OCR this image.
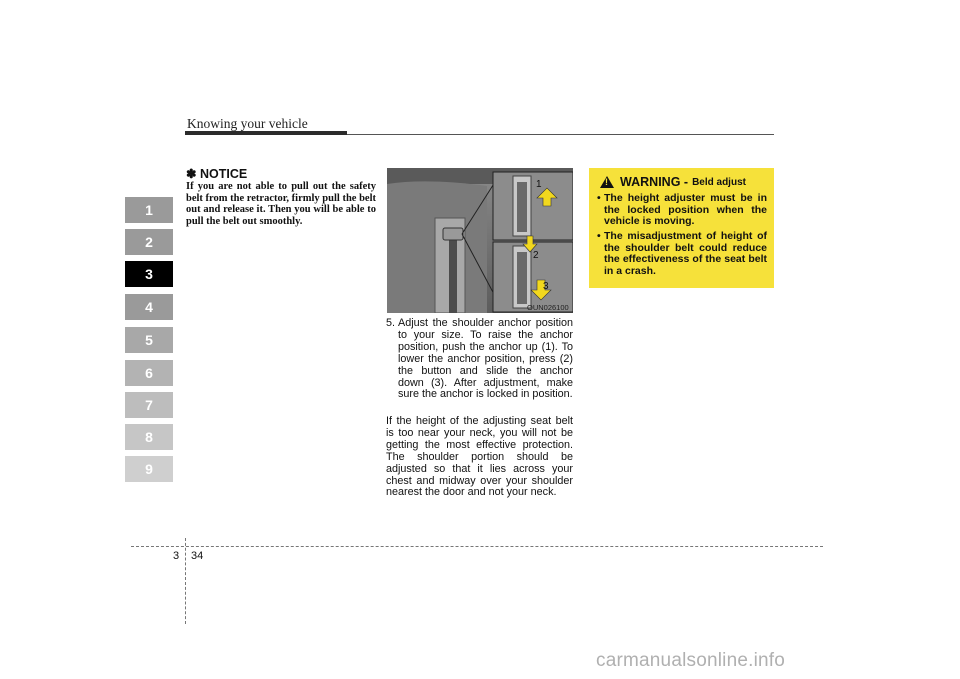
Knowing your vehicle
1
2
3
4
5
6
7
8
9
✽ NOTICE
If you are not able to pull out the safety belt from the retractor, firmly pull the belt out and release it. Then you will be able to pull the belt out smoothly.
1
2
3
OUN026100
5. Adjust the shoulder anchor position to your size. To raise the anchor position, push the anchor up (1). To lower the anchor position, press (2) the button and slide the anchor down (3). After adjustment, make sure the anchor is locked in position.
If the height of the adjusting seat belt is too near your neck, you will not be getting the most effective protection. The shoulder portion should be adjusted so that it lies across your chest and midway over your shoulder nearest the door and not your neck.
!
WARNING - Beld adjust
• The height adjuster must be in the locked position when the vehicle is moving.
• The misadjustment of height of the shoulder belt could reduce the effectiveness of the seat belt in a crash.
3 34
carmanualsonline.info
